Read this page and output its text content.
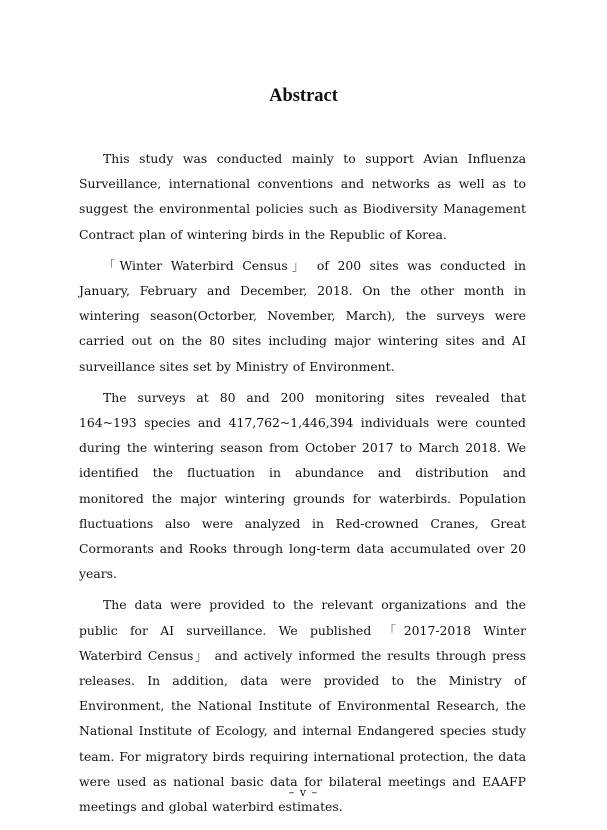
Abstract

This study was conducted mainly to support Avian Influenza Surveillance, international conventions and networks as well as to suggest the environmental policies such as Biodiversity Management Contract plan of wintering birds in the Republic of Korea.

「Winter Waterbird Census」 of 200 sites was conducted in January, February and December, 2018. On the other month in wintering season(Octorber, November, March), the surveys were carried out on the 80 sites including major wintering sites and AI surveillance sites set by Ministry of Environment.

The surveys at 80 and 200 monitoring sites revealed that 164~193 species and 417,762~1,446,394 individuals were counted during the wintering season from October 2017 to March 2018. We identified the fluctuation in abundance and distribution and monitored the major wintering grounds for waterbirds. Population fluctuations also were analyzed in Red-crowned Cranes, Great Cormorants and Rooks through long-term data accumulated over 20 years.

The data were provided to the relevant organizations and the public for AI surveillance. We published 「2017-2018 Winter Waterbird Census」 and actively informed the results through press releases. In addition, data were provided to the Ministry of Environment, the National Institute of Environmental Research, the National Institute of Ecology, and internal Endangered species study team. For migratory birds requiring international protection, the data were used as national basic data for bilateral meetings and EAAFP meetings and global waterbird estimates.

– v –
